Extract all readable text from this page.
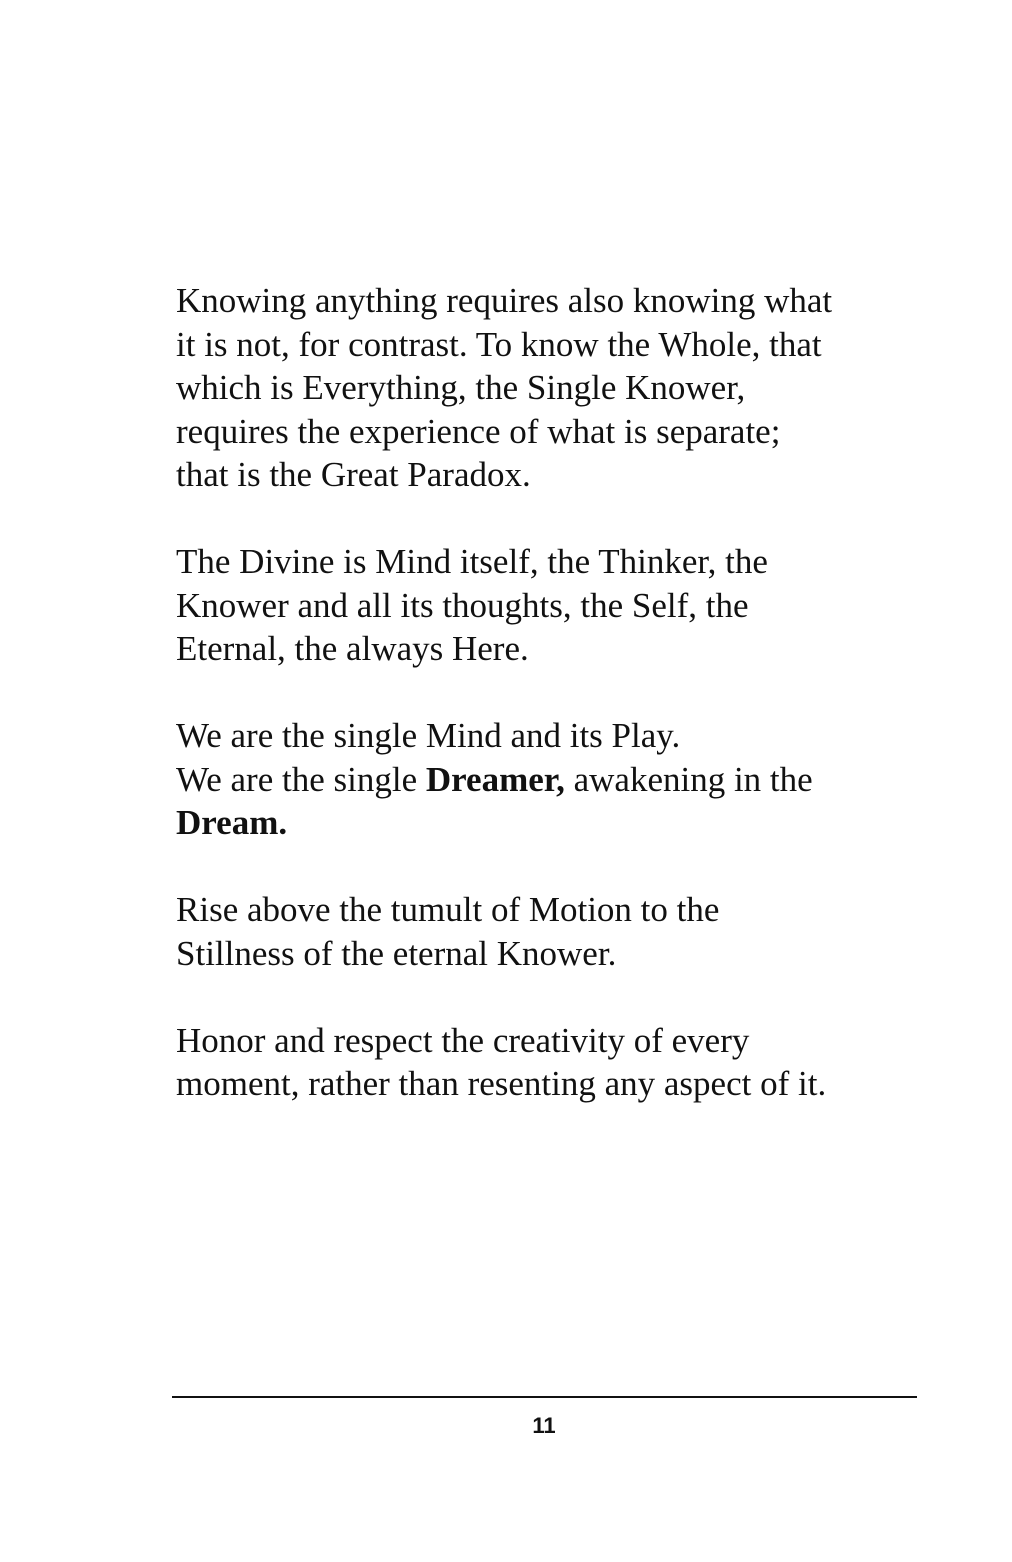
Knowing anything requires also knowing what
it is not, for contrast. To know the Whole, that
which is Everything, the Single Knower,
requires the experience of what is separate;
that is the Great Paradox.

The Divine is Mind itself, the Thinker, the
Knower and all its thoughts, the Self, the
Eternal, the always Here.

We are the single Mind and its Play.
We are the single Dreamer, awakening in the
Dream.

Rise above the tumult of Motion to the
Stillness of the eternal Knower.

Honor and respect the creativity of every
moment, rather than resenting any aspect of it.

11
